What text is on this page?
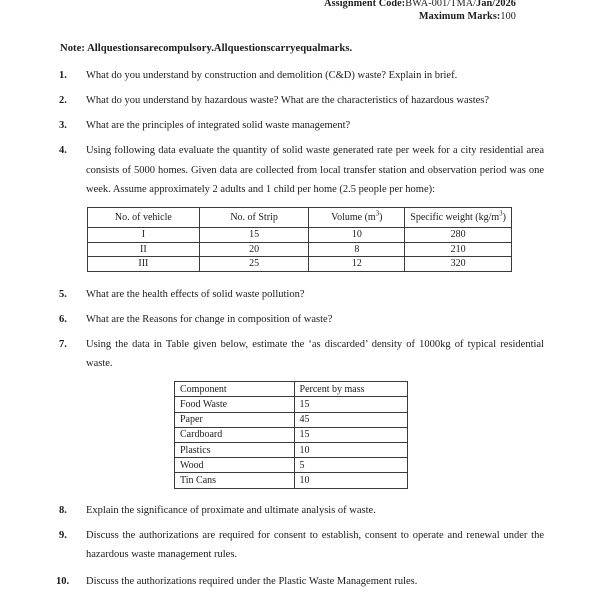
Assignment Code:BWA-001/TMA/Jan/2026
Maximum Marks:100
Note: Allquestionsarecompulsory.Allquestionscarryequalmarks.
1. What do you understand by construction and demolition (C&D) waste? Explain in brief.
2. What do you understand by hazardous waste? What are the characteristics of hazardous wastes?
3. What are the principles of integrated solid waste management?
4. Using following data evaluate the quantity of solid waste generated rate per week for a city residential area consists of 5000 homes. Given data are collected from local transfer station and observation period was one week. Assume approximately 2 adults and 1 child per home (2.5 people per home):
No. of vehicle	No. of Strip	Volume $(m^3)$	Specific weight $(kg/m^3)$
I	15	10	280
II	20	8	210
III	25	12	320
5. What are the health effects of solid waste pollution?
6. What are the Reasons for change in composition of waste?
7. Using the data in Table given below, estimate the ‘as discarded’ density of 1000kg of typical residential waste.
Component	Percent by mass
Food Waste	15
Paper	45
Cardboard	15
Plastics	10
Wood	5
Tin Cans	10
8. Explain the significance of proximate and ultimate analysis of waste.
9. Discuss the authorizations are required for consent to establish, consent to operate and renewal under the hazardous waste management rules.
10. Discuss the authorizations required under the Plastic Waste Management rules.
